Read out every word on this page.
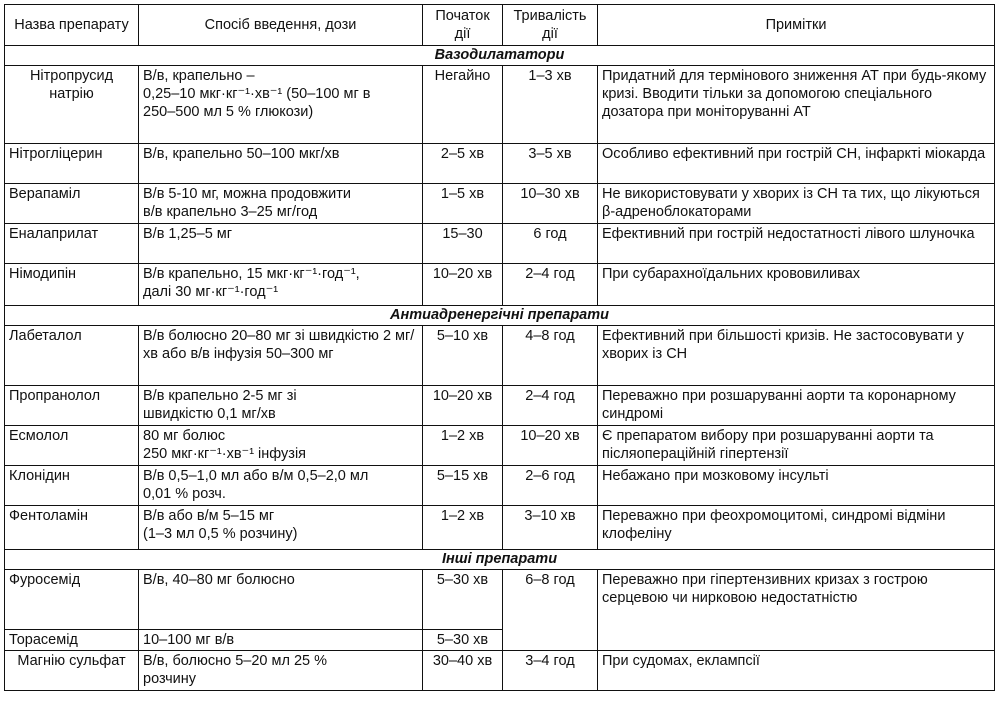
Назва препарату	Спосіб введення, дози	Початок дії	Тривалість дії	Примітки
Вазодилататори				

Нітропрусид натрію	В/в, крапельно –
0,25–10 мкг·кг⁻¹·хв⁻¹ (50–100 мг в
250–500 мл 5 % глюкози)	Негайно	1–3 хв	Придатний для термінового зниження АТ при будь-якому кризі. Вводити тільки за допомогою спеціального дозатора при моніторуванні АТ
Нітрогліцерин	В/в, крапельно 50–100 мкг/хв	2–5 хв	3–5 хв	Особливо ефективний при гострій СН, інфаркті міокарда
Верапаміл	В/в 5-10 мг, можна продовжити
в/в крапельно 3–25 мг/год	1–5 хв	10–30 хв	Не використовувати у хворих із СН та тих, що лікуються β-адреноблокаторами
Еналаприлат	В/в 1,25–5 мг	15–30	6 год	Ефективний при гострій недостатності лівого шлуночка
Німодипін	В/в крапельно, 15 мкг·кг⁻¹·год⁻¹,
далі 30 мг·кг⁻¹·год⁻¹	10–20 хв	2–4 год	При субарахноїдальних крововиливах
Антиадренергічні препарати				
Лабеталол	В/в болюсно 20–80 мг зі швидкістю 2 мг/хв або в/в інфузія 50–300 мг	5–10 хв	4–8 год	Ефективний при більшості кризів. Не застосовувати у хворих із СН
Пропранолол	В/в крапельно 2-5 мг зі
швидкістю 0,1 мг/хв	10–20 хв	2–4 год	Переважно при розшаруванні аорти та коронарному синдромі
Есмолол	80 мг болюс
250 мкг·кг⁻¹·хв⁻¹ інфузія	1–2 хв	10–20 хв	Є препаратом вибору при розшаруванні аорти та післяопераційній гіпертензії
Клонідин	В/в 0,5–1,0 мл або в/м 0,5–2,0 мл
0,01 % розч.	5–15 хв	2–6 год	Небажано при мозковому інсульті
Фентоламін	В/в або в/м 5–15 мг
(1–3 мл 0,5 % розчину)	1–2 хв	3–10 хв	Переважно при феохромоцитомі, синдромі відміни клофеліну
Інші препарати				
Фуросемід	В/в, 40–80 мг болюсно	5–30 хв	6–8 год	Переважно при гіпертензивних кризах з гострою серцевою чи нирковою недостатністю
Торасемід	10–100 мг в/в	5–30 хв		

Магнію сульфат	В/в, болюсно 5–20 мл 25 %
розчину	30–40 хв	3–4 год	При судомах, еклампсії
